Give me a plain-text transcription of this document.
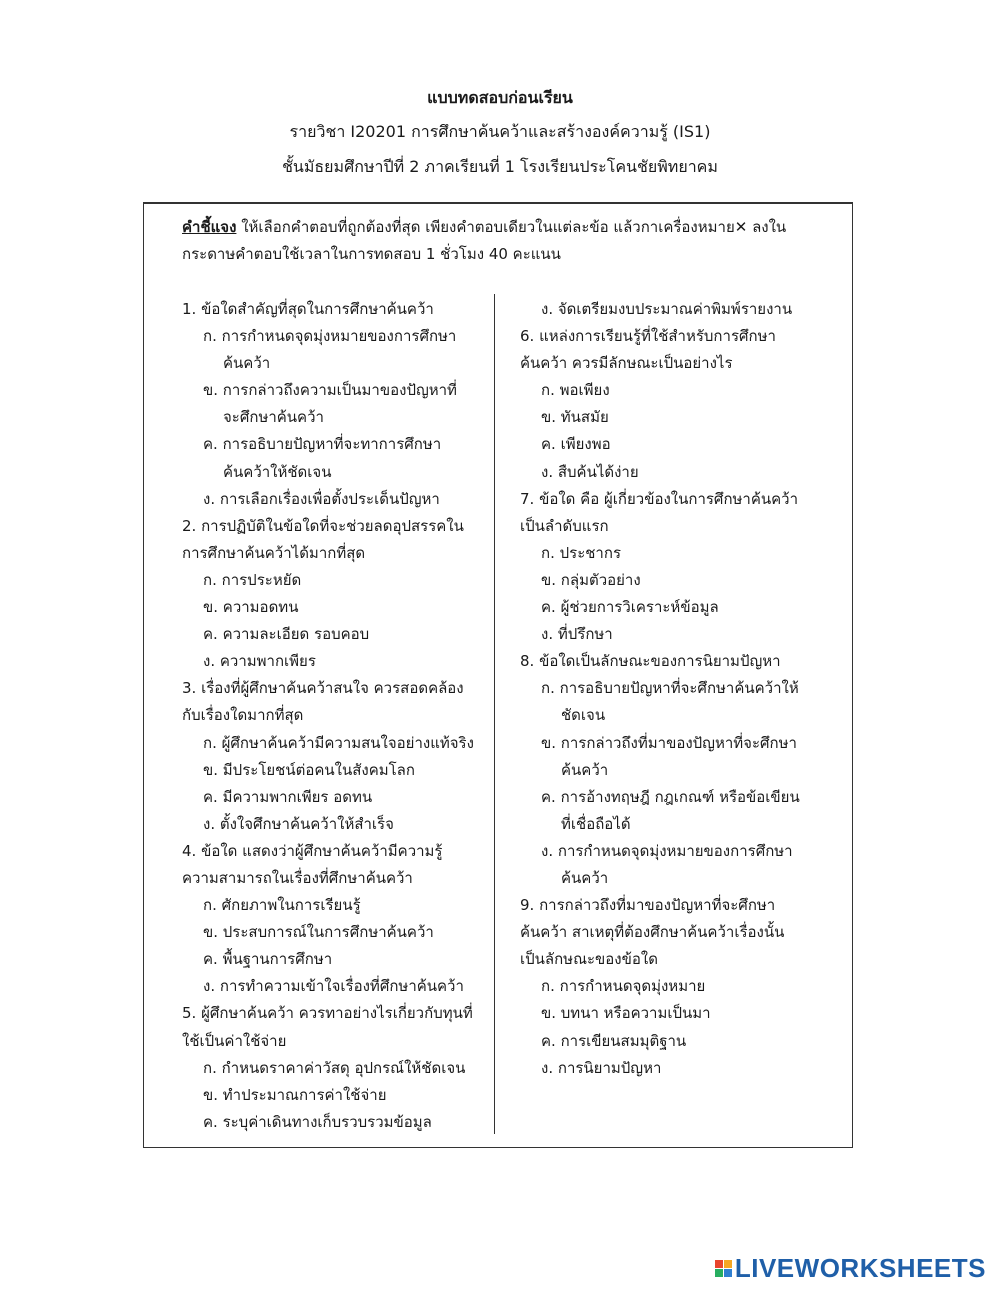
แบบทดสอบก่อนเรียน
รายวิชา I20201 การศึกษาค้นคว้าและสร้างองค์ความรู้ (IS1)
ชั้นมัธยมศึกษาปีที่ 2 ภาคเรียนที่ 1 โรงเรียนประโคนชัยพิทยาคม
คำชี้แจง ให้เลือกคำตอบที่ถูกต้องที่สุด เพียงคำตอบเดียวในแต่ละข้อ แล้วกาเครื่องหมาย✕ ลงใน
กระดาษคำตอบใช้เวลาในการทดสอบ 1 ชั่วโมง 40 คะแนน
1. ข้อใดสำคัญที่สุดในการศึกษาค้นคว้า
ก. การกำหนดจุดมุ่งหมายของการศึกษา
ค้นคว้า
ข. การกล่าวถึงความเป็นมาของปัญหาที่
จะศึกษาค้นคว้า
ค. การอธิบายปัญหาที่จะทาการศึกษา
ค้นคว้าให้ชัดเจน
ง. การเลือกเรื่องเพื่อตั้งประเด็นปัญหา
2. การปฏิบัติในข้อใดที่จะช่วยลดอุปสรรคใน
การศึกษาค้นคว้าได้มากที่สุด
ก. การประหยัด
ข. ความอดทน
ค. ความละเอียด รอบคอบ
ง. ความพากเพียร
3. เรื่องที่ผู้ศึกษาค้นคว้าสนใจ ควรสอดคล้อง
กับเรื่องใดมากที่สุด
ก. ผู้ศึกษาค้นคว้ามีความสนใจอย่างแท้จริง
ข. มีประโยชน์ต่อคนในสังคมโลก
ค. มีความพากเพียร อดทน
ง. ตั้งใจศึกษาค้นคว้าให้สำเร็จ
4. ข้อใด แสดงว่าผู้ศึกษาค้นคว้ามีความรู้
ความสามารถในเรื่องที่ศึกษาค้นคว้า
ก. ศักยภาพในการเรียนรู้
ข. ประสบการณ์ในการศึกษาค้นคว้า
ค. พื้นฐานการศึกษา
ง. การทำความเข้าใจเรื่องที่ศึกษาค้นคว้า
5. ผู้ศึกษาค้นคว้า ควรทาอย่างไรเกี่ยวกับทุนที่
ใช้เป็นค่าใช้จ่าย
ก. กำหนดราคาค่าวัสดุ อุปกรณ์ให้ชัดเจน
ข. ทำประมาณการค่าใช้จ่าย
ค. ระบุค่าเดินทางเก็บรวบรวมข้อมูล
ง. จัดเตรียมงบประมาณค่าพิมพ์รายงาน
6. แหล่งการเรียนรู้ที่ใช้สำหรับการศึกษา
ค้นคว้า ควรมีลักษณะเป็นอย่างไร
ก. พอเพียง
ข. ทันสมัย
ค. เพียงพอ
ง. สืบค้นได้ง่าย
7. ข้อใด คือ ผู้เกี่ยวข้องในการศึกษาค้นคว้า
เป็นลำดับแรก
ก. ประชากร
ข. กลุ่มตัวอย่าง
ค. ผู้ช่วยการวิเคราะห์ข้อมูล
ง. ที่ปรึกษา
8. ข้อใดเป็นลักษณะของการนิยามปัญหา
ก. การอธิบายปัญหาที่จะศึกษาค้นคว้าให้
ชัดเจน
ข. การกล่าวถึงที่มาของปัญหาที่จะศึกษา
ค้นคว้า
ค. การอ้างทฤษฎี กฎเกณฑ์ หรือข้อเขียน
ที่เชื่อถือได้
ง. การกำหนดจุดมุ่งหมายของการศึกษา
ค้นคว้า
9. การกล่าวถึงที่มาของปัญหาที่จะศึกษา
ค้นคว้า สาเหตุที่ต้องศึกษาค้นคว้าเรื่องนั้น
เป็นลักษณะของข้อใด
ก. การกำหนดจุดมุ่งหมาย
ข. บทนา หรือความเป็นมา
ค. การเขียนสมมุติฐาน
ง. การนิยามปัญหา
LIVEWORKSHEETS
